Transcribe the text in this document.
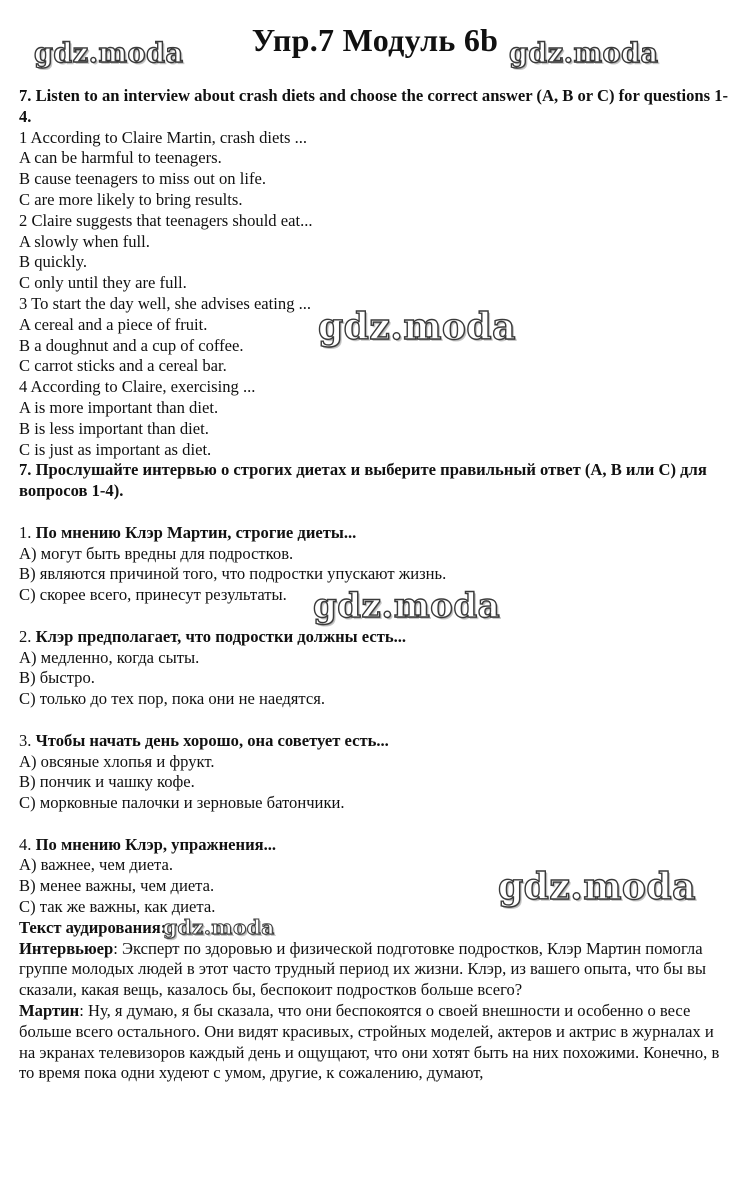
Упр.7 Модуль 6b
7. Listen to an interview about crash diets and choose the correct answer (A, B or C) for questions 1-4.
1 According to Claire Martin, crash diets ...
A can be harmful to teenagers.
B cause teenagers to miss out on life.
C are more likely to bring results.
2 Claire suggests that teenagers should eat...
A slowly when full.
B quickly.
C only until they are full.
3 To start the day well, she advises eating ...
A cereal and a piece of fruit.
B a doughnut and a cup of coffee.
C carrot sticks and a cereal bar.
4 According to Claire, exercising ...
A is more important than diet.
B is less important than diet.
C is just as important as diet.
7. Прослушайте интервью о строгих диетах и выберите правильный ответ (A, B или C) для вопросов 1-4).
1. По мнению Клэр Мартин, строгие диеты...
A) могут быть вредны для подростков.
B) являются причиной того, что подростки упускают жизнь.
C) скорее всего, принесут результаты.
2. Клэр предполагает, что подростки должны есть...
A) медленно, когда сыты.
B) быстро.
C) только до тех пор, пока они не наедятся.
3. Чтобы начать день хорошо, она советует есть...
A) овсяные хлопья и фрукт.
B) пончик и чашку кофе.
C) морковные палочки и зерновые батончики.
4. По мнению Клэр, упражнения...
A) важнее, чем диета.
B) менее важны, чем диета.
C) так же важны, как диета.
Текст аудирования:
Интервьюер: Эксперт по здоровью и физической подготовке подростков, Клэр Мартин помогла группе молодых людей в этот часто трудный период их жизни. Клэр, из вашего опыта, что бы вы сказали, какая вещь, казалось бы, беспокоит подростков больше всего?
Мартин: Ну, я думаю, я бы сказала, что они беспокоятся о своей внешности и особенно о весе больше всего остального. Они видят красивых, стройных моделей, актеров и актрис в журналах и на экранах телевизоров каждый день и ощущают, что они хотят быть на них похожими. Конечно, в то время пока одни худеют с умом, другие, к сожалению, думают,
gdz.moda	gdz.moda
gdz.moda
gdz.moda
gdz.moda
gdz.moda
